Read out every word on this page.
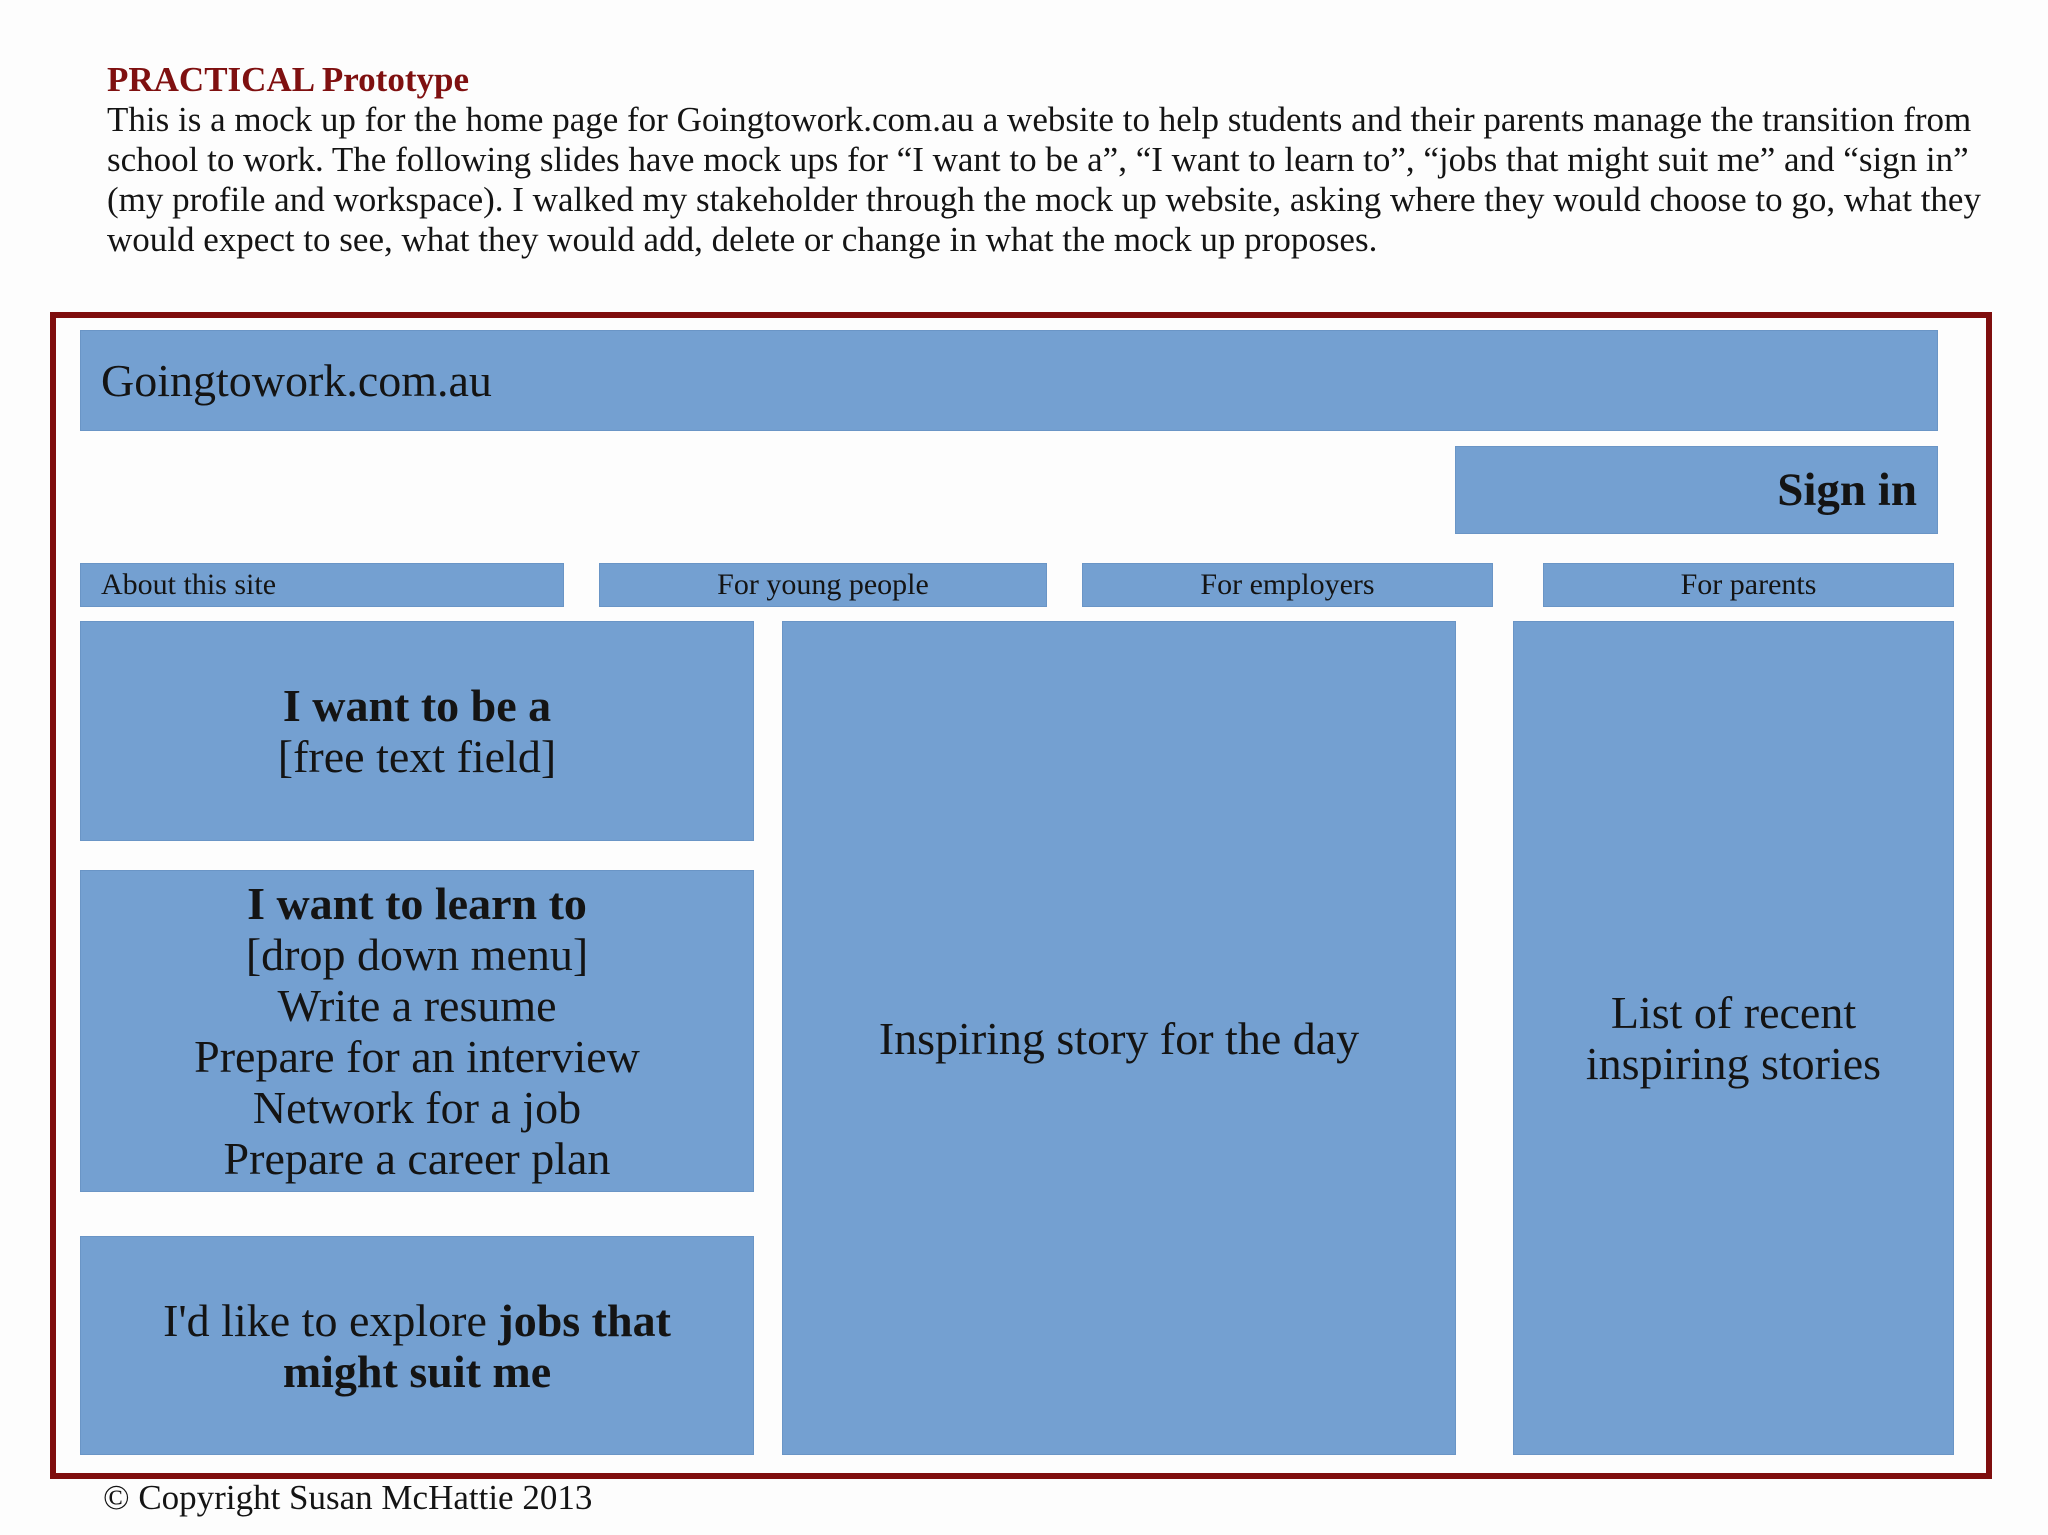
PRACTICAL Prototype

This is a mock up for the home page for Goingtowork.com.au a website to help students and their parents manage the transition from school to work. The following slides have mock ups for “I want to be a”, “I want to learn to”, “jobs that might suit me” and “sign in” (my profile and workspace). I walked my stakeholder through the mock up website, asking where they would choose to go, what they would expect to see, what they would add, delete or change in what the mock up proposes.

Goingtowork.com.au
Sign in
About this site	For young people	For employers	For parents
I want to be a
[free text field]
I want to learn to
[drop down menu]
Write a resume
Prepare for an interview
Network for a job
Prepare a career plan
I'd like to explore jobs that
might suit me
Inspiring story for the day	List of recent
inspiring stories
© Copyright Susan McHattie 2013
